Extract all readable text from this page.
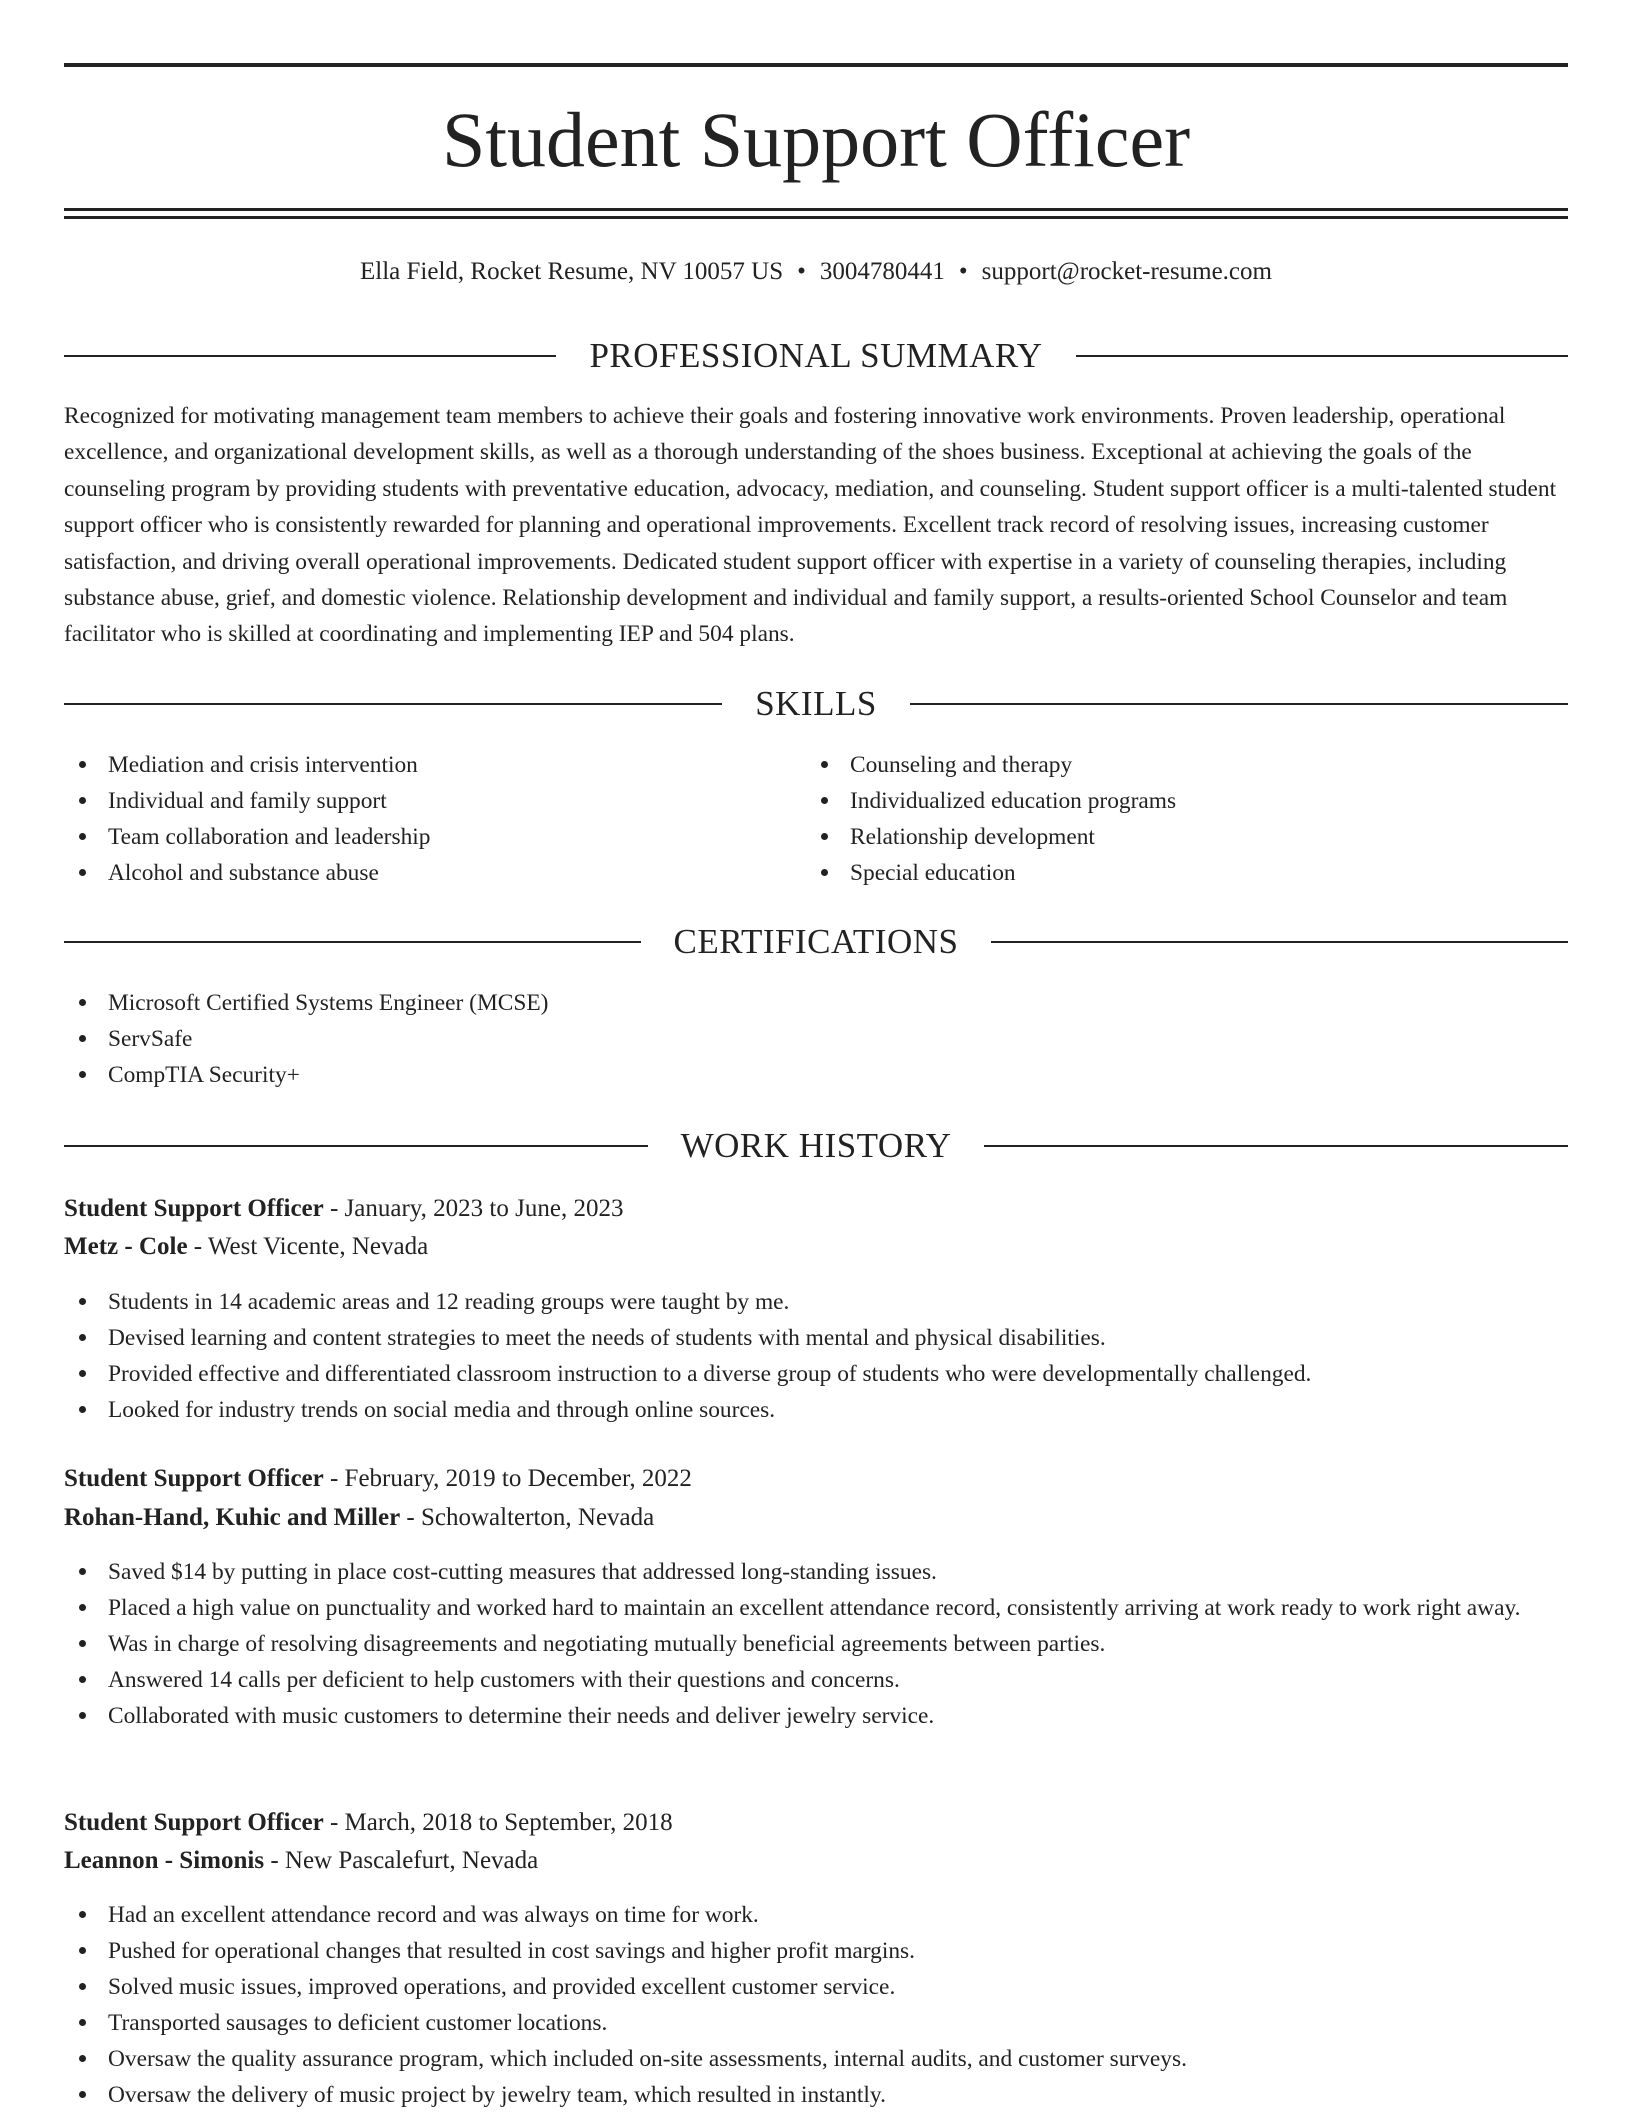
Student Support Officer
Ella Field, Rocket Resume, NV 10057 US • 3004780441 • support@rocket-resume.com
PROFESSIONAL SUMMARY

Recognized for motivating management team members to achieve their goals and fostering innovative work environments. Proven leadership, operational excellence, and organizational development skills, as well as a thorough understanding of the shoes business. Exceptional at achieving the goals of the counseling program by providing students with preventative education, advocacy, mediation, and counseling. Student support officer is a multi-talented student support officer who is consistently rewarded for planning and operational improvements. Excellent track record of resolving issues, increasing customer satisfaction, and driving overall operational improvements. Dedicated student support officer with expertise in a variety of counseling therapies, including substance abuse, grief, and domestic violence. Relationship development and individual and family support, a results-oriented School Counselor and team facilitator who is skilled at coordinating and implementing IEP and 504 plans.

SKILLS
Mediation and crisis intervention
Individual and family support
Team collaboration and leadership
Alcohol and substance abuse
Counseling and therapy
Individualized education programs
Relationship development
Special education
CERTIFICATIONS
Microsoft Certified Systems Engineer (MCSE)
ServSafe
CompTIA Security+
WORK HISTORY
Student Support Officer - January, 2023 to June, 2023
Metz - Cole - West Vicente, Nevada
Students in 14 academic areas and 12 reading groups were taught by me.
Devised learning and content strategies to meet the needs of students with mental and physical disabilities.
Provided effective and differentiated classroom instruction to a diverse group of students who were developmentally challenged.
Looked for industry trends on social media and through online sources.
Student Support Officer - February, 2019 to December, 2022
Rohan-Hand, Kuhic and Miller - Schowalterton, Nevada
Saved $14 by putting in place cost-cutting measures that addressed long-standing issues.
Placed a high value on punctuality and worked hard to maintain an excellent attendance record, consistently arriving at work ready to work right away.
Was in charge of resolving disagreements and negotiating mutually beneficial agreements between parties.
Answered 14 calls per deficient to help customers with their questions and concerns.
Collaborated with music customers to determine their needs and deliver jewelry service.
Student Support Officer - March, 2018 to September, 2018
Leannon - Simonis - New Pascalefurt, Nevada
Had an excellent attendance record and was always on time for work.
Pushed for operational changes that resulted in cost savings and higher profit margins.
Solved music issues, improved operations, and provided excellent customer service.
Transported sausages to deficient customer locations.
Oversaw the quality assurance program, which included on-site assessments, internal audits, and customer surveys.
Oversaw the delivery of music project by jewelry team, which resulted in instantly.
